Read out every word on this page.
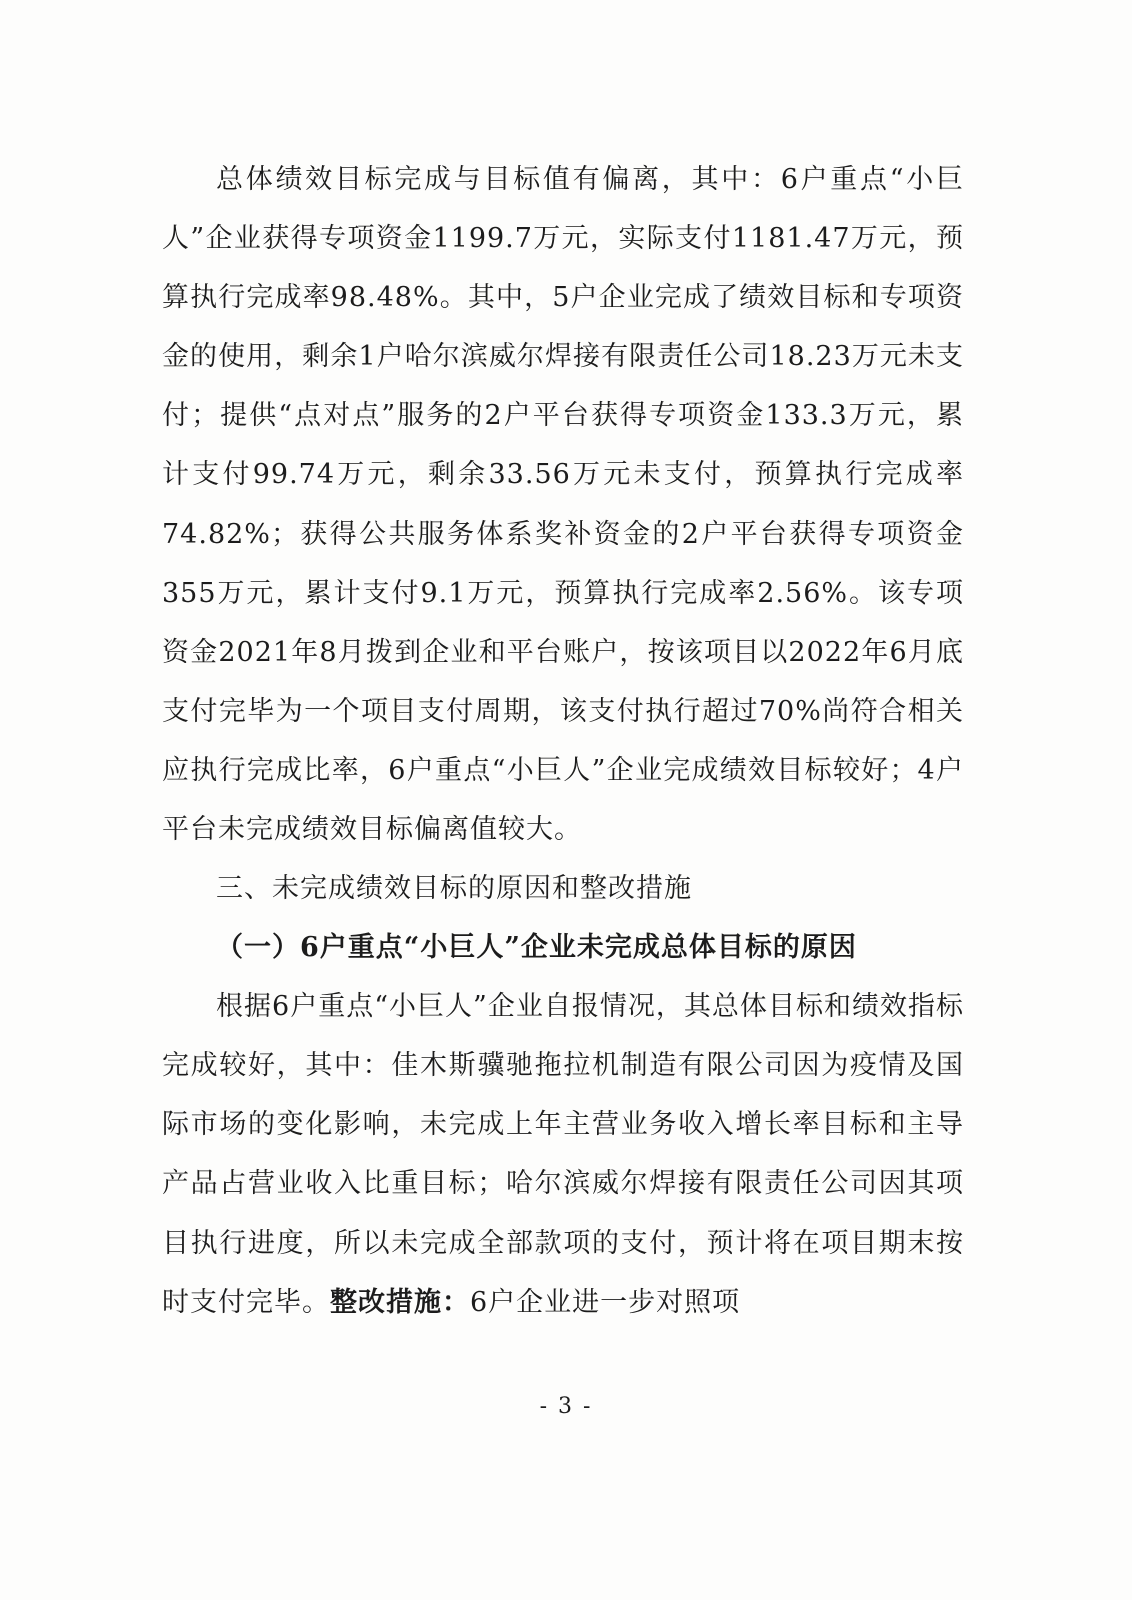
总体绩效目标完成与目标值有偏离，其中：6户重点“小巨人”企业获得专项资金1199.7万元，实际支付1181.47万元，预算执行完成率98.48%。其中，5户企业完成了绩效目标和专项资金的使用，剩余1户哈尔滨威尔焊接有限责任公司18.23万元未支付；提供“点对点”服务的2户平台获得专项资金133.3万元，累计支付99.74万元，剩余33.56万元未支付，预算执行完成率74.82%；获得公共服务体系奖补资金的2户平台获得专项资金355万元，累计支付9.1万元，预算执行完成率2.56%。该专项资金2021年8月拨到企业和平台账户，按该项目以2022年6月底支付完毕为一个项目支付周期，该支付执行超过70%尚符合相关应执行完成比率，6户重点“小巨人”企业完成绩效目标较好；4户平台未完成绩效目标偏离值较大。

三、未完成绩效目标的原因和整改措施
（一）6户重点“小巨人”企业未完成总体目标的原因

根据6户重点“小巨人”企业自报情况，其总体目标和绩效指标完成较好，其中：佳木斯骥驰拖拉机制造有限公司因为疫情及国际市场的变化影响，未完成上年主营业务收入增长率目标和主导产品占营业收入比重目标；哈尔滨威尔焊接有限责任公司因其项目执行进度，所以未完成全部款项的支付，预计将在项目期末按时支付完毕。整改措施：6户企业进一步对照项

- 3 -
